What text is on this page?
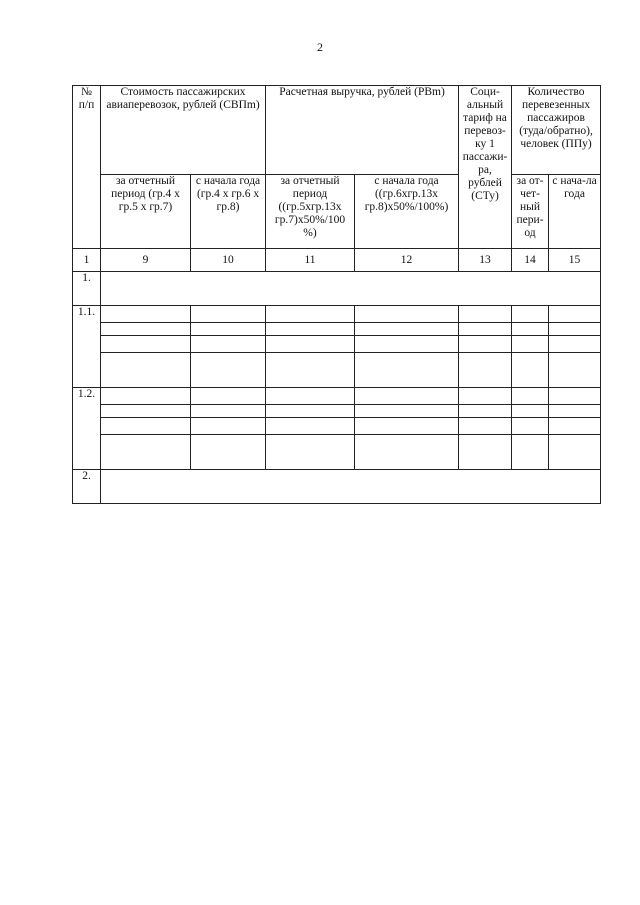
2
№ п/п	Стоимость пассажирских авиаперевозок, рублей (СВПm)		Расчетная выручка, рублей (РВm)		Соци-альный тариф на перевоз-ку 1 пассажи-ра, рублей (СТу)	Количество перевезенных пассажиров (туда/обратно), человек (ППу)	
	за отчетный период (гр.4 х гр.5 х гр.7)	с начала года (гр.4 х гр.6 х гр.8)	за отчетный период ((гр.5хгр.13х гр.7)х50%/100 %)	с начала года ((гр.6хгр.13х гр.8)х50%/100%)		за от-чет-ный пери-од	с нача-ла года
1	9	10	11	12	13	14	15
1.							
1.1.							

1.2.							

2.							
